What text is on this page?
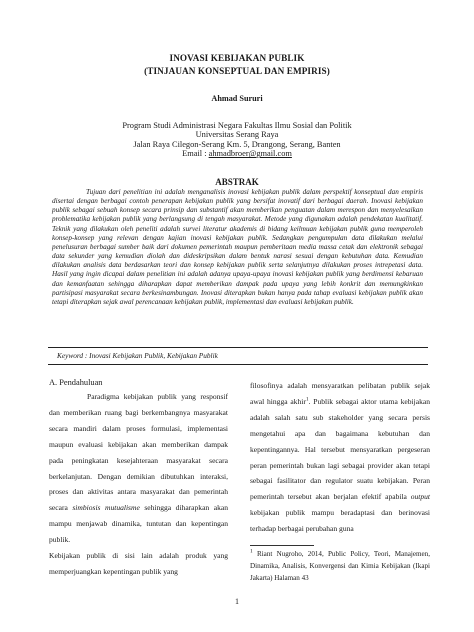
INOVASI KEBIJAKAN PUBLIK
(TINJAUAN KONSEPTUAL DAN EMPIRIS)
Ahmad Sururi
Program Studi Administrasi Negara Fakultas Ilmu Sosial dan Politik
Universitas Serang Raya
Jalan Raya Cilegon-Serang Km. 5, Drangong, Serang, Banten
Email : ahmadbroer@gmail.com
ABSTRAK
Tujuan dari penelitian ini adalah menganalisis inovasi kebijakan publik dalam perspektif konseptual dan empiris disertai dengan berbagai contoh penerapan kebijakan publik yang bersifat inovatif dari berbagai daerah. Inovasi kebijakan publik sebagai sebuah konsep secara prinsip dan substantif akan memberikan penguatan dalam merespon dan menyelesaikan problematika kebijakan publik yang berlangsung di tengah masyarakat. Metode yang digunakan adalah pendekatan kualitatif. Teknik yang dilakukan oleh peneliti adalah survei literatur akademis di bidang keilmuan kebijakan publik guna memperoleh konsep-konsep yang relevan dengan kajian inovasi kebijakan publik. Sedangkan pengumpulan data dilakukan melalui penelusuran berbagai sumber baik dari dokumen pemerintah maupun pemberitaan media massa cetak dan elektronik sebagai data sekunder yang kemudian diolah dan dideskripsikan dalam bentuk narasi sesuai dengan kebutuhan data. Kemudian dilakukan analisis data berdasarkan teori dan konsep kebijakan publik serta selanjutnya dilakukan proses intrepetasi data. Hasil yang ingin dicapai dalam penelitian ini adalah adanya upaya-upaya inovasi kebijakan publik yang berdimensi kebaruan dan kemanfaatan sehingga diharapkan dapat memberikan dampak pada upaya yang lebih konkrit dan memungkinkan partisipasi masyarakat secara berkesinambungan. Inovasi diterapkan bukan hanya pada tahap evaluasi kebijakan publik akan tetapi diterapkan sejak awal perencanaan kebijakan publik, implementasi dan evaluasi kebijakan publik.
Keyword : Inovasi Kebijakan Publik, Kebijakan Publik
A. Pendahuluan

Paradigma kebijakan publik yang responsif dan memberikan ruang bagi berkembangnya masyarakat secara mandiri dalam proses formulasi, implementasi maupun evaluasi kebijakan akan memberikan dampak pada peningkatan kesejahteraan masyarakat secara berkelanjutan. Dengan demikian dibutuhkan interaksi, proses dan aktivitas antara masyarakat dan pemerintah secara simbiosis mutualisme sehingga diharapkan akan mampu menjawab dinamika, tuntutan dan kepentingan publik.

Kebijakan publik di sisi lain adalah produk yang memperjuangkan kepentingan publik yang

filosofinya adalah mensyaratkan pelibatan publik sejak awal hingga akhir$^1$. Publik sebagai aktor utama kebijakan adalah salah satu sub stakeholder yang secara persis mengetahui apa dan bagaimana kebutuhan dan kepentingannya. Hal tersebut mensyaratkan pergeseran peran pemerintah bukan lagi sebagai provider akan tetapi sebagai fasilitator dan regulator suatu kebijakan. Peran pemerintah tersebut akan berjalan efektif apabila output kebijakan publik mampu beradaptasi dan berinovasi terhadap berbagai perubahan guna

$^1$ Riant Nugroho, 2014, Public Policy, Teori, Manajemen, Dinamika, Analisis, Konvergensi dan Kimia Kebijakan (Ikapi Jakarta) Halaman 43
1
